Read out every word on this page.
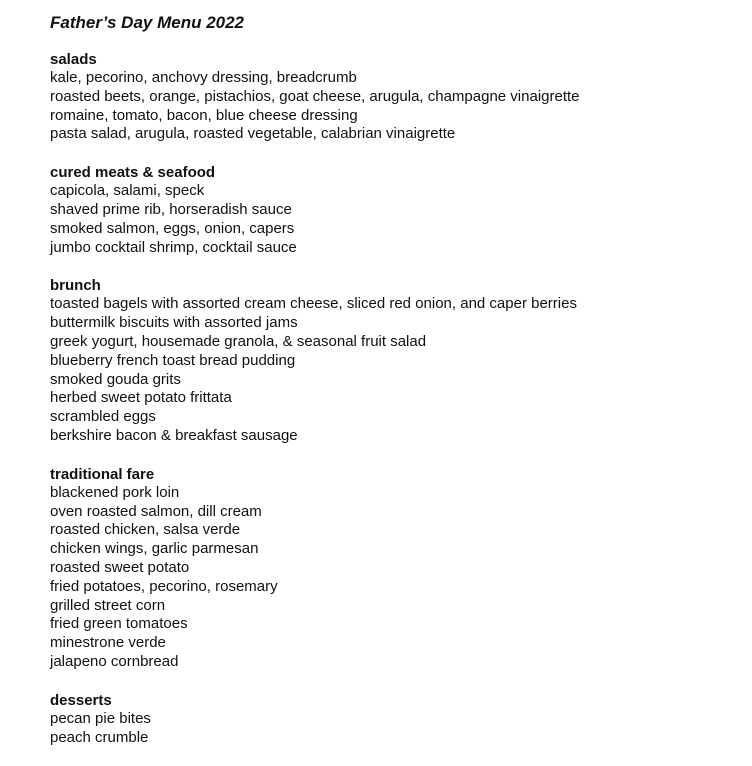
Father’s Day Menu 2022
salads
kale, pecorino, anchovy dressing, breadcrumb
roasted beets, orange, pistachios, goat cheese, arugula, champagne vinaigrette
romaine, tomato, bacon, blue cheese dressing
pasta salad, arugula, roasted vegetable, calabrian vinaigrette
cured meats & seafood
capicola, salami, speck
shaved prime rib, horseradish sauce
smoked salmon, eggs, onion, capers
jumbo cocktail shrimp, cocktail sauce
brunch
toasted bagels with assorted cream cheese, sliced red onion, and caper berries
buttermilk biscuits with assorted jams
greek yogurt, housemade granola, & seasonal fruit salad
blueberry french toast bread pudding
smoked gouda grits
herbed sweet potato frittata
scrambled eggs
berkshire bacon & breakfast sausage
traditional fare
blackened pork loin
oven roasted salmon, dill cream
roasted chicken, salsa verde
chicken wings, garlic parmesan
roasted sweet potato
fried potatoes, pecorino, rosemary
grilled street corn
fried green tomatoes
minestrone verde
jalapeno cornbread
desserts
pecan pie bites
peach crumble
